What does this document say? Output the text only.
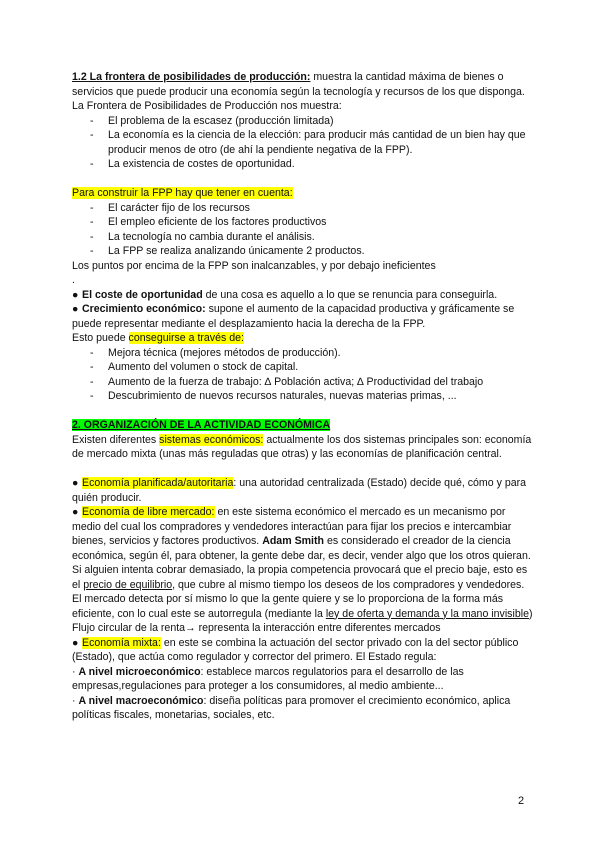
1.2 La frontera de posibilidades de producción: muestra la cantidad máxima de bienes o servicios que puede producir una economía según la tecnología y recursos de los que disponga. La Frontera de Posibilidades de Producción nos muestra:

- El problema de la escasez (producción limitada)
- La economía es la ciencia de la elección: para producir más cantidad de un bien hay que producir menos de otro (de ahí la pendiente negativa de la FPP).
- La existencia de costes de oportunidad.

Para construir la FPP hay que tener en cuenta:

- El carácter fijo de los recursos
- El empleo eficiente de los factores productivos
- La tecnología no cambia durante el análisis.
- La FPP se realiza analizando únicamente 2 productos.

Los puntos por encima de la FPP son inalcanzables, y por debajo ineficientes

.

● El coste de oportunidad de una cosa es aquello a lo que se renuncia para conseguirla.

● Crecimiento económico: supone el aumento de la capacidad productiva y gráficamente se puede representar mediante el desplazamiento hacia la derecha de la FPP.

Esto puede conseguirse a través de:

- Mejora técnica (mejores métodos de producción).
- Aumento del volumen o stock de capital.
- Aumento de la fuerza de trabajo: ∆ Población activa; ∆ Productividad del trabajo
- Descubrimiento de nuevos recursos naturales, nuevas materias primas, ...

2. ORGANIZACIÓN DE LA ACTIVIDAD ECONÓMICA

Existen diferentes sistemas económicos: actualmente los dos sistemas principales son: economía de mercado mixta (unas más reguladas que otras) y las economías de planificación central.

● Economía planificada/autoritaria: una autoridad centralizada (Estado) decide qué, cómo y para quién producir.

● Economía de libre mercado: en este sistema económico el mercado es un mecanismo por medio del cual los compradores y vendedores interactúan para fijar los precios e intercambiar bienes, servicios y factores productivos. Adam Smith es considerado el creador de la ciencia económica, según él, para obtener, la gente debe dar, es decir, vender algo que los otros quieran. Si alguien intenta cobrar demasiado, la propia competencia provocará que el precio baje, esto es el precio de equilibrio, que cubre al mismo tiempo los deseos de los compradores y vendedores. El mercado detecta por sí mismo lo que la gente quiere y se lo proporciona de la forma más eficiente, con lo cual este se autorregula (mediante la ley de oferta y demanda y la mano invisible)

Flujo circular de la renta→ representa la interacción entre diferentes mercados

● Economía mixta: en este se combina la actuación del sector privado con la del sector público (Estado), que actúa como regulador y corrector del primero. El Estado regula:

· A nivel microeconómico: establece marcos regulatorios para el desarrollo de las empresas,regulaciones para proteger a los consumidores, al medio ambiente...

· A nivel macroeconómico: diseña políticas para promover el crecimiento económico, aplica políticas fiscales, monetarias, sociales, etc.

2
